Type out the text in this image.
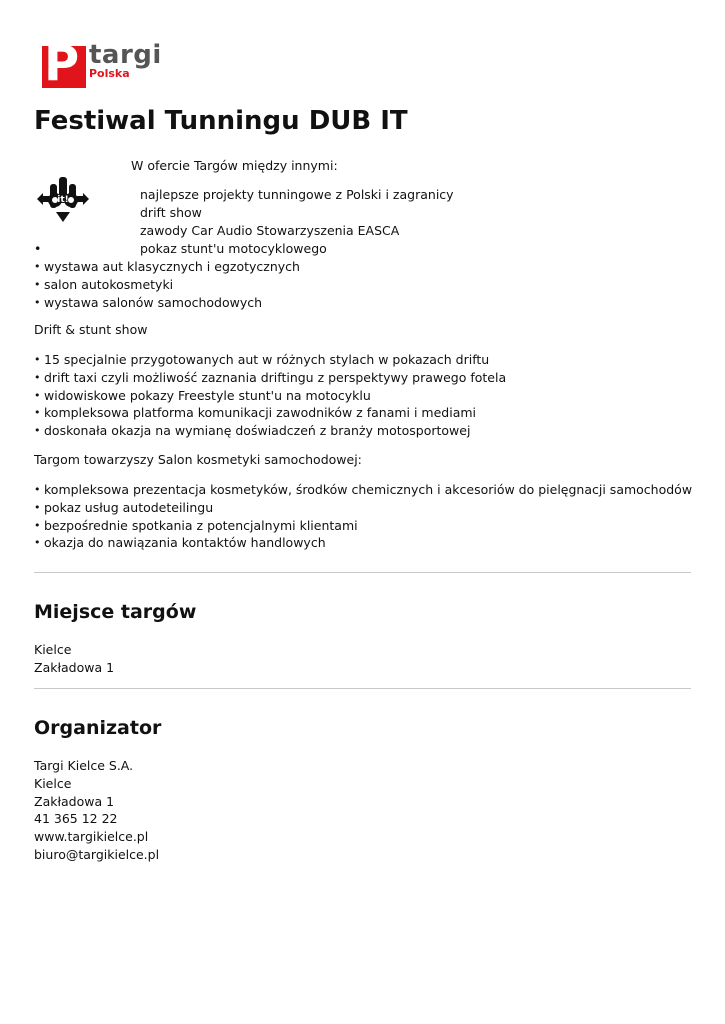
P targi
Polska
Festiwal Tunningu DUB IT
it!
W ofercie Targów między innymi:
najlepsze projekty tunningowe z Polski i zagranicy
drift show
zawody Car Audio Stowarzyszenia EASCA
•	pokaz stunt'u motocyklowego
• wystawa aut klasycznych i egzotycznych
• salon autokosmetyki
• wystawa salonów samochodowych
Drift & stunt show
• 15 specjalnie przygotowanych aut w różnych stylach w pokazach driftu
• drift taxi czyli możliwość zaznania driftingu z perspektywy prawego fotela
• widowiskowe pokazy Freestyle stunt'u na motocyklu
• kompleksowa platforma komunikacji zawodników z fanami i mediami
• doskonała okazja na wymianę doświadczeń z branży motosportowej
Targom towarzyszy Salon kosmetyki samochodowej:
• kompleksowa prezentacja kosmetyków, środków chemicznych i akcesoriów do pielęgnacji samochodów
• pokaz usług autodeteilingu
• bezpośrednie spotkania z potencjalnymi klientami
• okazja do nawiązania kontaktów handlowych
Miejsce targów
Kielce
Zakładowa 1
Organizator
Targi Kielce S.A.
Kielce
Zakładowa 1
41 365 12 22
www.targikielce.pl
biuro@targikielce.pl
